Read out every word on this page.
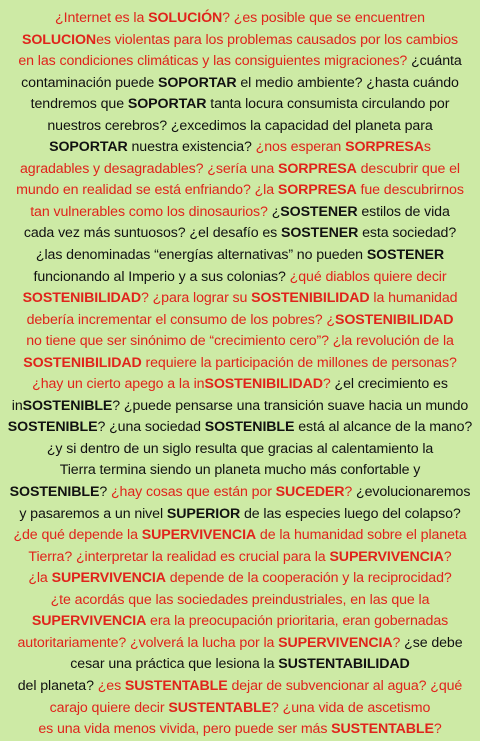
¿Internet es la SOLUCIÓN? ¿es posible que se encuentren
SOLUCIONes violentas para los problemas causados por los cambios
en las condiciones climáticas y las consiguientes migraciones? ¿cuánta
contaminación puede SOPORTAR el medio ambiente? ¿hasta cuándo
tendremos que SOPORTAR tanta locura consumista circulando por
nuestros cerebros? ¿excedimos la capacidad del planeta para
SOPORTAR nuestra existencia? ¿nos esperan SORPRESAs
agradables y desagradables? ¿sería una SORPRESA descubrir que el
mundo en realidad se está enfriando? ¿la SORPRESA fue descubrirnos
tan vulnerables como los dinosaurios? ¿SOSTENER estilos de vida
cada vez más suntuosos? ¿el desafío es SOSTENER esta sociedad?
¿las denominadas “energías alternativas” no pueden SOSTENER
funcionando al Imperio y a sus colonias? ¿qué diablos quiere decir
SOSTENIBILIDAD? ¿para lograr su SOSTENIBILIDAD la humanidad
debería incrementar el consumo de los pobres? ¿SOSTENIBILIDAD
no tiene que ser sinónimo de “crecimiento cero”? ¿la revolución de la
SOSTENIBILIDAD requiere la participación de millones de personas?
¿hay un cierto apego a la inSOSTENIBILIDAD? ¿el crecimiento es
inSOSTENIBLE? ¿puede pensarse una transición suave hacia un mundo
SOSTENIBLE? ¿una sociedad SOSTENIBLE está al alcance de la mano?
¿y si dentro de un siglo resulta que gracias al calentamiento la
Tierra termina siendo un planeta mucho más confortable y
SOSTENIBLE? ¿hay cosas que están por SUCEDER? ¿evolucionaremos
y pasaremos a un nivel SUPERIOR de las especies luego del colapso?
¿de qué depende la SUPERVIVENCIA de la humanidad sobre el planeta
Tierra? ¿interpretar la realidad es crucial para la SUPERVIVENCIA?
¿la SUPERVIVENCIA depende de la cooperación y la reciprocidad?
¿te acordás que las sociedades preindustriales, en las que la
SUPERVIVENCIA era la preocupación prioritaria, eran gobernadas
autoritariamente? ¿volverá la lucha por la SUPERVIVENCIA? ¿se debe
cesar una práctica que lesiona la SUSTENTABILIDAD
del planeta? ¿es SUSTENTABLE dejar de subvencionar al agua? ¿qué
carajo quiere decir SUSTENTABLE? ¿una vida de ascetismo
es una vida menos vivida, pero puede ser más SUSTENTABLE?
